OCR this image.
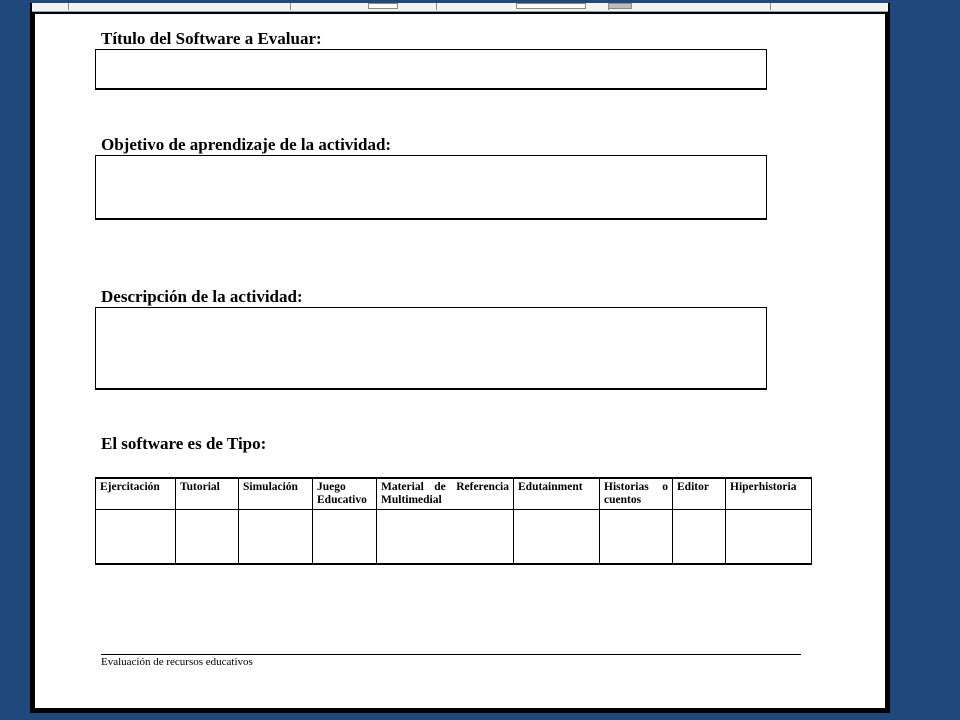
Título del Software a Evaluar:
Objetivo de aprendizaje de la actividad:
Descripción de la actividad:
El software es de Tipo:
Ejercitación	Tutorial	Simulación	Juego Educativo	Material de Referencia Multimedial	Edutainment	Historias o cuentos	Editor	Hiperhistoria

Evaluación de recursos educativos
